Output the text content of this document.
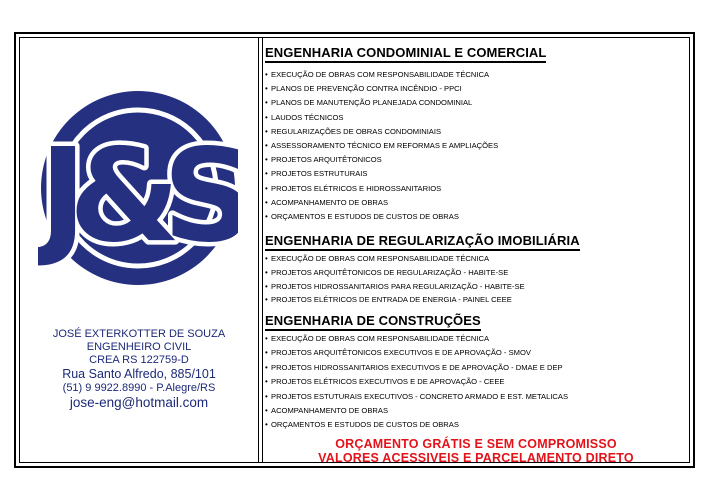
J&S
JOSÉ EXTERKOTTER DE SOUZA
ENGENHEIRO CIVIL
CREA RS 122759-D
Rua Santo Alfredo, 885/101
(51) 9 9922.8990 - P.Alegre/RS
jose-eng@hotmail.com
ENGENHARIA CONDOMINIAL E COMERCIAL
• EXECUÇÃO DE OBRAS COM RESPONSABILIDADE TÉCNICA
• PLANOS DE PREVENÇÃO CONTRA INCÊNDIO - PPCI
• PLANOS DE MANUTENÇÃO PLANEJADA CONDOMINIAL
• LAUDOS TÉCNICOS
• REGULARIZAÇÕES DE OBRAS CONDOMINIAIS
• ASSESSORAMENTO TÉCNICO EM REFORMAS E AMPLIAÇÕES
• PROJETOS ARQUITÊTONICOS
• PROJETOS ESTRUTURAIS
• PROJETOS ELÉTRICOS E HIDROSSANITARIOS
• ACOMPANHAMENTO DE OBRAS
• ORÇAMENTOS E ESTUDOS DE CUSTOS DE OBRAS
ENGENHARIA DE REGULARIZAÇÃO IMOBILIÁRIA
• EXECUÇÃO DE OBRAS COM RESPONSABILIDADE TÉCNICA
• PROJETOS ARQUITÊTONICOS DE REGULARIZAÇÃO - HABITE-SE
• PROJETOS HIDROSSANITARIOS PARA REGULARIZAÇÃO - HABITE-SE
• PROJETOS ELÉTRICOS DE ENTRADA DE ENERGIA - PAINEL CEEE
ENGENHARIA DE CONSTRUÇÕES
• EXECUÇÃO DE OBRAS COM RESPONSABILIDADE TÉCNICA
• PROJETOS ARQUITÊTONICOS EXECUTIVOS E DE APROVAÇÃO - SMOV
• PROJETOS HIDROSSANITARIOS EXECUTIVOS E DE APROVAÇÃO - DMAE E DEP
• PROJETOS ELÉTRICOS EXECUTIVOS E DE APROVAÇÃO - CEEE
• PROJETOS ESTUTURAIS EXECUTIVOS - CONCRETO ARMADO E EST. METALICAS
• ACOMPANHAMENTO DE OBRAS
• ORÇAMENTOS E ESTUDOS DE CUSTOS DE OBRAS
ORÇAMENTO GRÁTIS E SEM COMPROMISSO
VALORES ACESSIVEIS E PARCELAMENTO DIRETO
